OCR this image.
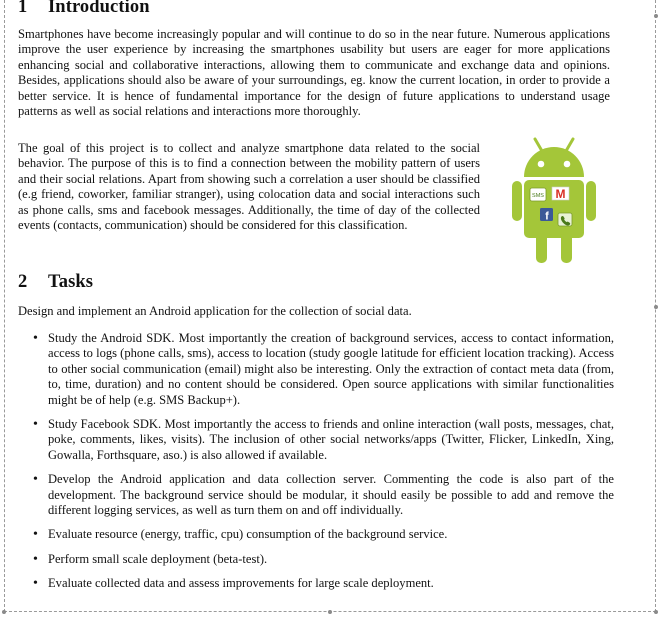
1 Introduction

Smartphones have become increasingly popular and will continue to do so in the near future. Numerous applications improve the user experience by increasing the smartphones usability but users are eager for more applications enhancing social and collaborative interactions, allowing them to communicate and exchange data and opinions. Besides, applications should also be aware of your surroundings, eg. know the current location, in order to provide a better service. It is hence of fundamental importance for the design of future applications to understand usage patterns as well as social relations and interactions more thoroughly.

The goal of this project is to collect and analyze smartphone data related to the social behavior. The purpose of this is to find a connection between the mobility pattern of users and their social relations. Apart from showing such a correlation a user should be classified (e.g friend, coworker, familiar stranger), using colocation data and social interactions such as phone calls, sms and facebook messages. Additionally, the time of day of the collected events (contacts, communication) should be considered for this classification.

SMS M
f
2 Tasks

Design and implement an Android application for the collection of social data.

• Study the Android SDK. Most importantly the creation of background services, access to contact information, access to logs (phone calls, sms), access to location (study google latitude for efficient location tracking). Access to other social communication (email) might also be interesting. Only the extraction of contact meta data (from, to, time, duration) and no content should be considered. Open source applications with similar functionalities might be of help (e.g. SMS Backup+).
• Study Facebook SDK. Most importantly the access to friends and online interaction (wall posts, messages, chat, poke, comments, likes, visits). The inclusion of other social networks/apps (Twitter, Flicker, LinkedIn, Xing, Gowalla, Forthsquare, aso.) is also allowed if available.
• Develop the Android application and data collection server. Commenting the code is also part of the development. The background service should be modular, it should easily be possible to add and remove the different logging services, as well as turn them on and off individually.
• Evaluate resource (energy, traffic, cpu) consumption of the background service.
• Perform small scale deployment (beta-test).
• Evaluate collected data and assess improvements for large scale deployment.
